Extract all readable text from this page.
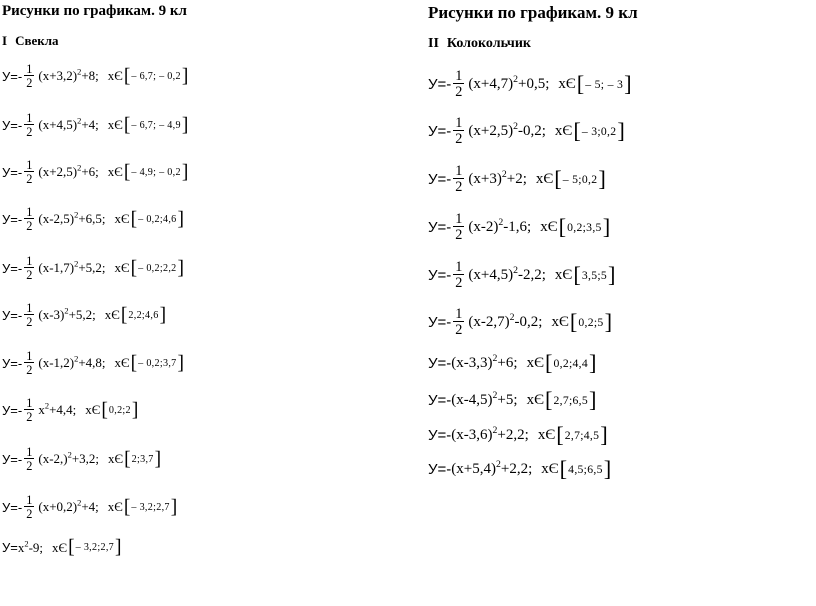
Рисунки по графикам. 9 кл
I Свекла
$У=- \frac{1}{2} (x+3,2)^2+8$; хЄ [ – 6,7; – 0,2 ]
$У=- \frac{1}{2} (x+4,5)^2+4$; хЄ [ – 6,7; – 4,9 ]
$У=- \frac{1}{2} (x+2,5)^2+6$; хЄ [ – 4,9; – 0,2 ]
$У=- \frac{1}{2} (x-2,5)^2+6,5$; хЄ [ – 0,2;4,6 ]
$У=- \frac{1}{2} (x-1,7)^2+5,2$; хЄ [ – 0,2;2,2 ]
$У=- \frac{1}{2} (x-3)^2+5,2$; хЄ [ 2,2;4,6 ]
$У=- \frac{1}{2} (x-1,2)^2+4,8$; хЄ [ – 0,2;3,7 ]
$У=- \frac{1}{2} x^2+4,4$; хЄ [ 0,2;2 ]
$У=- \frac{1}{2} (x-2,)^2+3,2$; хЄ [ 2;3,7 ]
$У=- \frac{1}{2} (x+0,2)^2+4$; хЄ [ – 3,2;2,7 ]
$У= x^2-9$; хЄ [ – 3,2;2,7 ]
Рисунки по графикам. 9 кл
II Колокольчик
$У=- \frac{1}{2} (x+4,7)^2+0,5$; хЄ [ – 5; – 3 ]
$У=- \frac{1}{2} (x+2,5)^2-0,2$; хЄ [ – 3;0,2 ]
$У=- \frac{1}{2} (x+3)^2+2$; хЄ [ – 5;0,2 ]
$У=- \frac{1}{2} (x-2)^2-1,6$; хЄ [ 0,2;3,5 ]
$У=- \frac{1}{2} (x+4,5)^2-2,2$; хЄ [ 3,5;5 ]
$У=- \frac{1}{2} (x-2,7)^2-0,2$; хЄ [ 0,2;5 ]
У=- $(x-3,3)^2+6$; хЄ [ 0,2;4,4 ]
У=- $(x-4,5)^2+5$; хЄ [ 2,7;6,5 ]
У=- $(x-3,6)^2+2,2$; хЄ [ 2,7;4,5 ]
У=- $(x+5,4)^2+2,2$; хЄ [ 4,5;6,5 ]
